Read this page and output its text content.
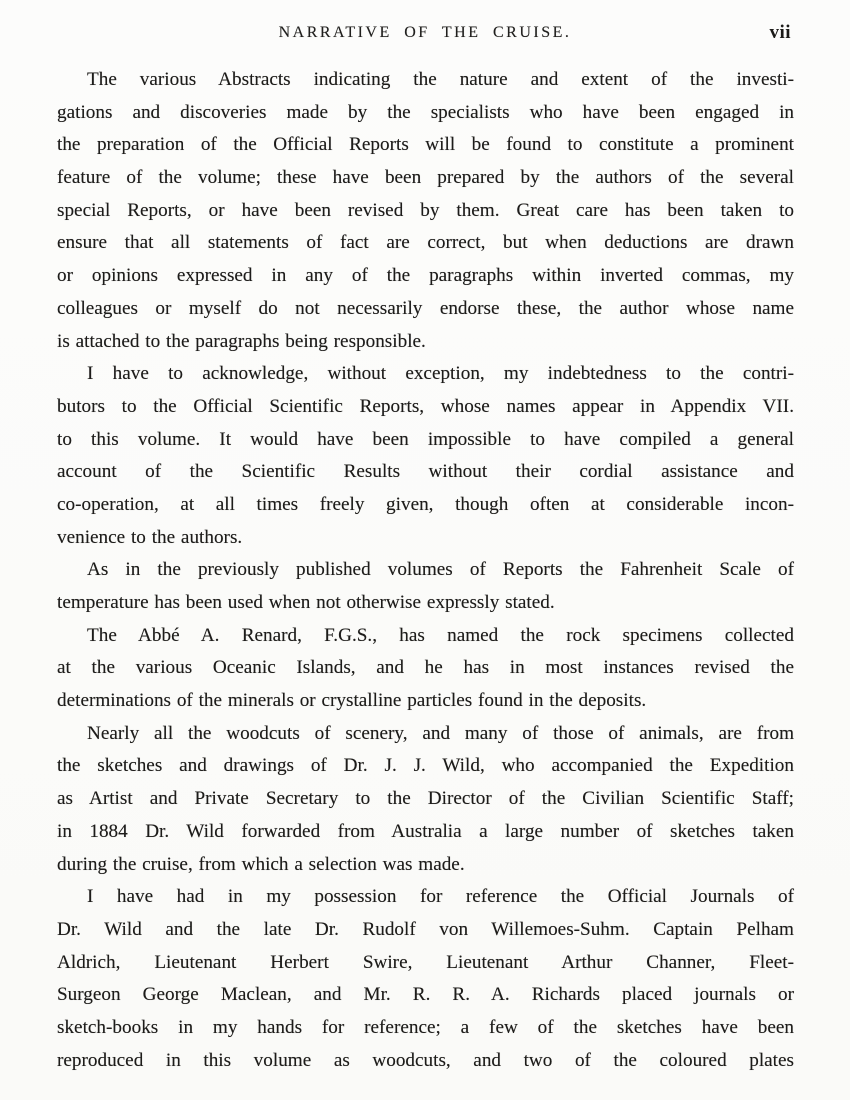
NARRATIVE OF THE CRUISE.	vii
The various Abstracts indicating the nature and extent of the investi-
gations and discoveries made by the specialists who have been engaged in
the preparation of the Official Reports will be found to constitute a prominent
feature of the volume; these have been prepared by the authors of the several
special Reports, or have been revised by them. Great care has been taken to
ensure that all statements of fact are correct, but when deductions are drawn
or opinions expressed in any of the paragraphs within inverted commas, my
colleagues or myself do not necessarily endorse these, the author whose name
is attached to the paragraphs being responsible.
I have to acknowledge, without exception, my indebtedness to the contri-
butors to the Official Scientific Reports, whose names appear in Appendix VII.
to this volume. It would have been impossible to have compiled a general
account of the Scientific Results without their cordial assistance and
co-operation, at all times freely given, though often at considerable incon-
venience to the authors.
As in the previously published volumes of Reports the Fahrenheit Scale of
temperature has been used when not otherwise expressly stated.
The Abbé A. Renard, F.G.S., has named the rock specimens collected
at the various Oceanic Islands, and he has in most instances revised the
determinations of the minerals or crystalline particles found in the deposits.
Nearly all the woodcuts of scenery, and many of those of animals, are from
the sketches and drawings of Dr. J. J. Wild, who accompanied the Expedition
as Artist and Private Secretary to the Director of the Civilian Scientific Staff;
in 1884 Dr. Wild forwarded from Australia a large number of sketches taken
during the cruise, from which a selection was made.
I have had in my possession for reference the Official Journals of
Dr. Wild and the late Dr. Rudolf von Willemoes-Suhm. Captain Pelham
Aldrich, Lieutenant Herbert Swire, Lieutenant Arthur Channer, Fleet-
Surgeon George Maclean, and Mr. R. R. A. Richards placed journals or
sketch-books in my hands for reference; a few of the sketches have been
reproduced in this volume as woodcuts, and two of the coloured plates
